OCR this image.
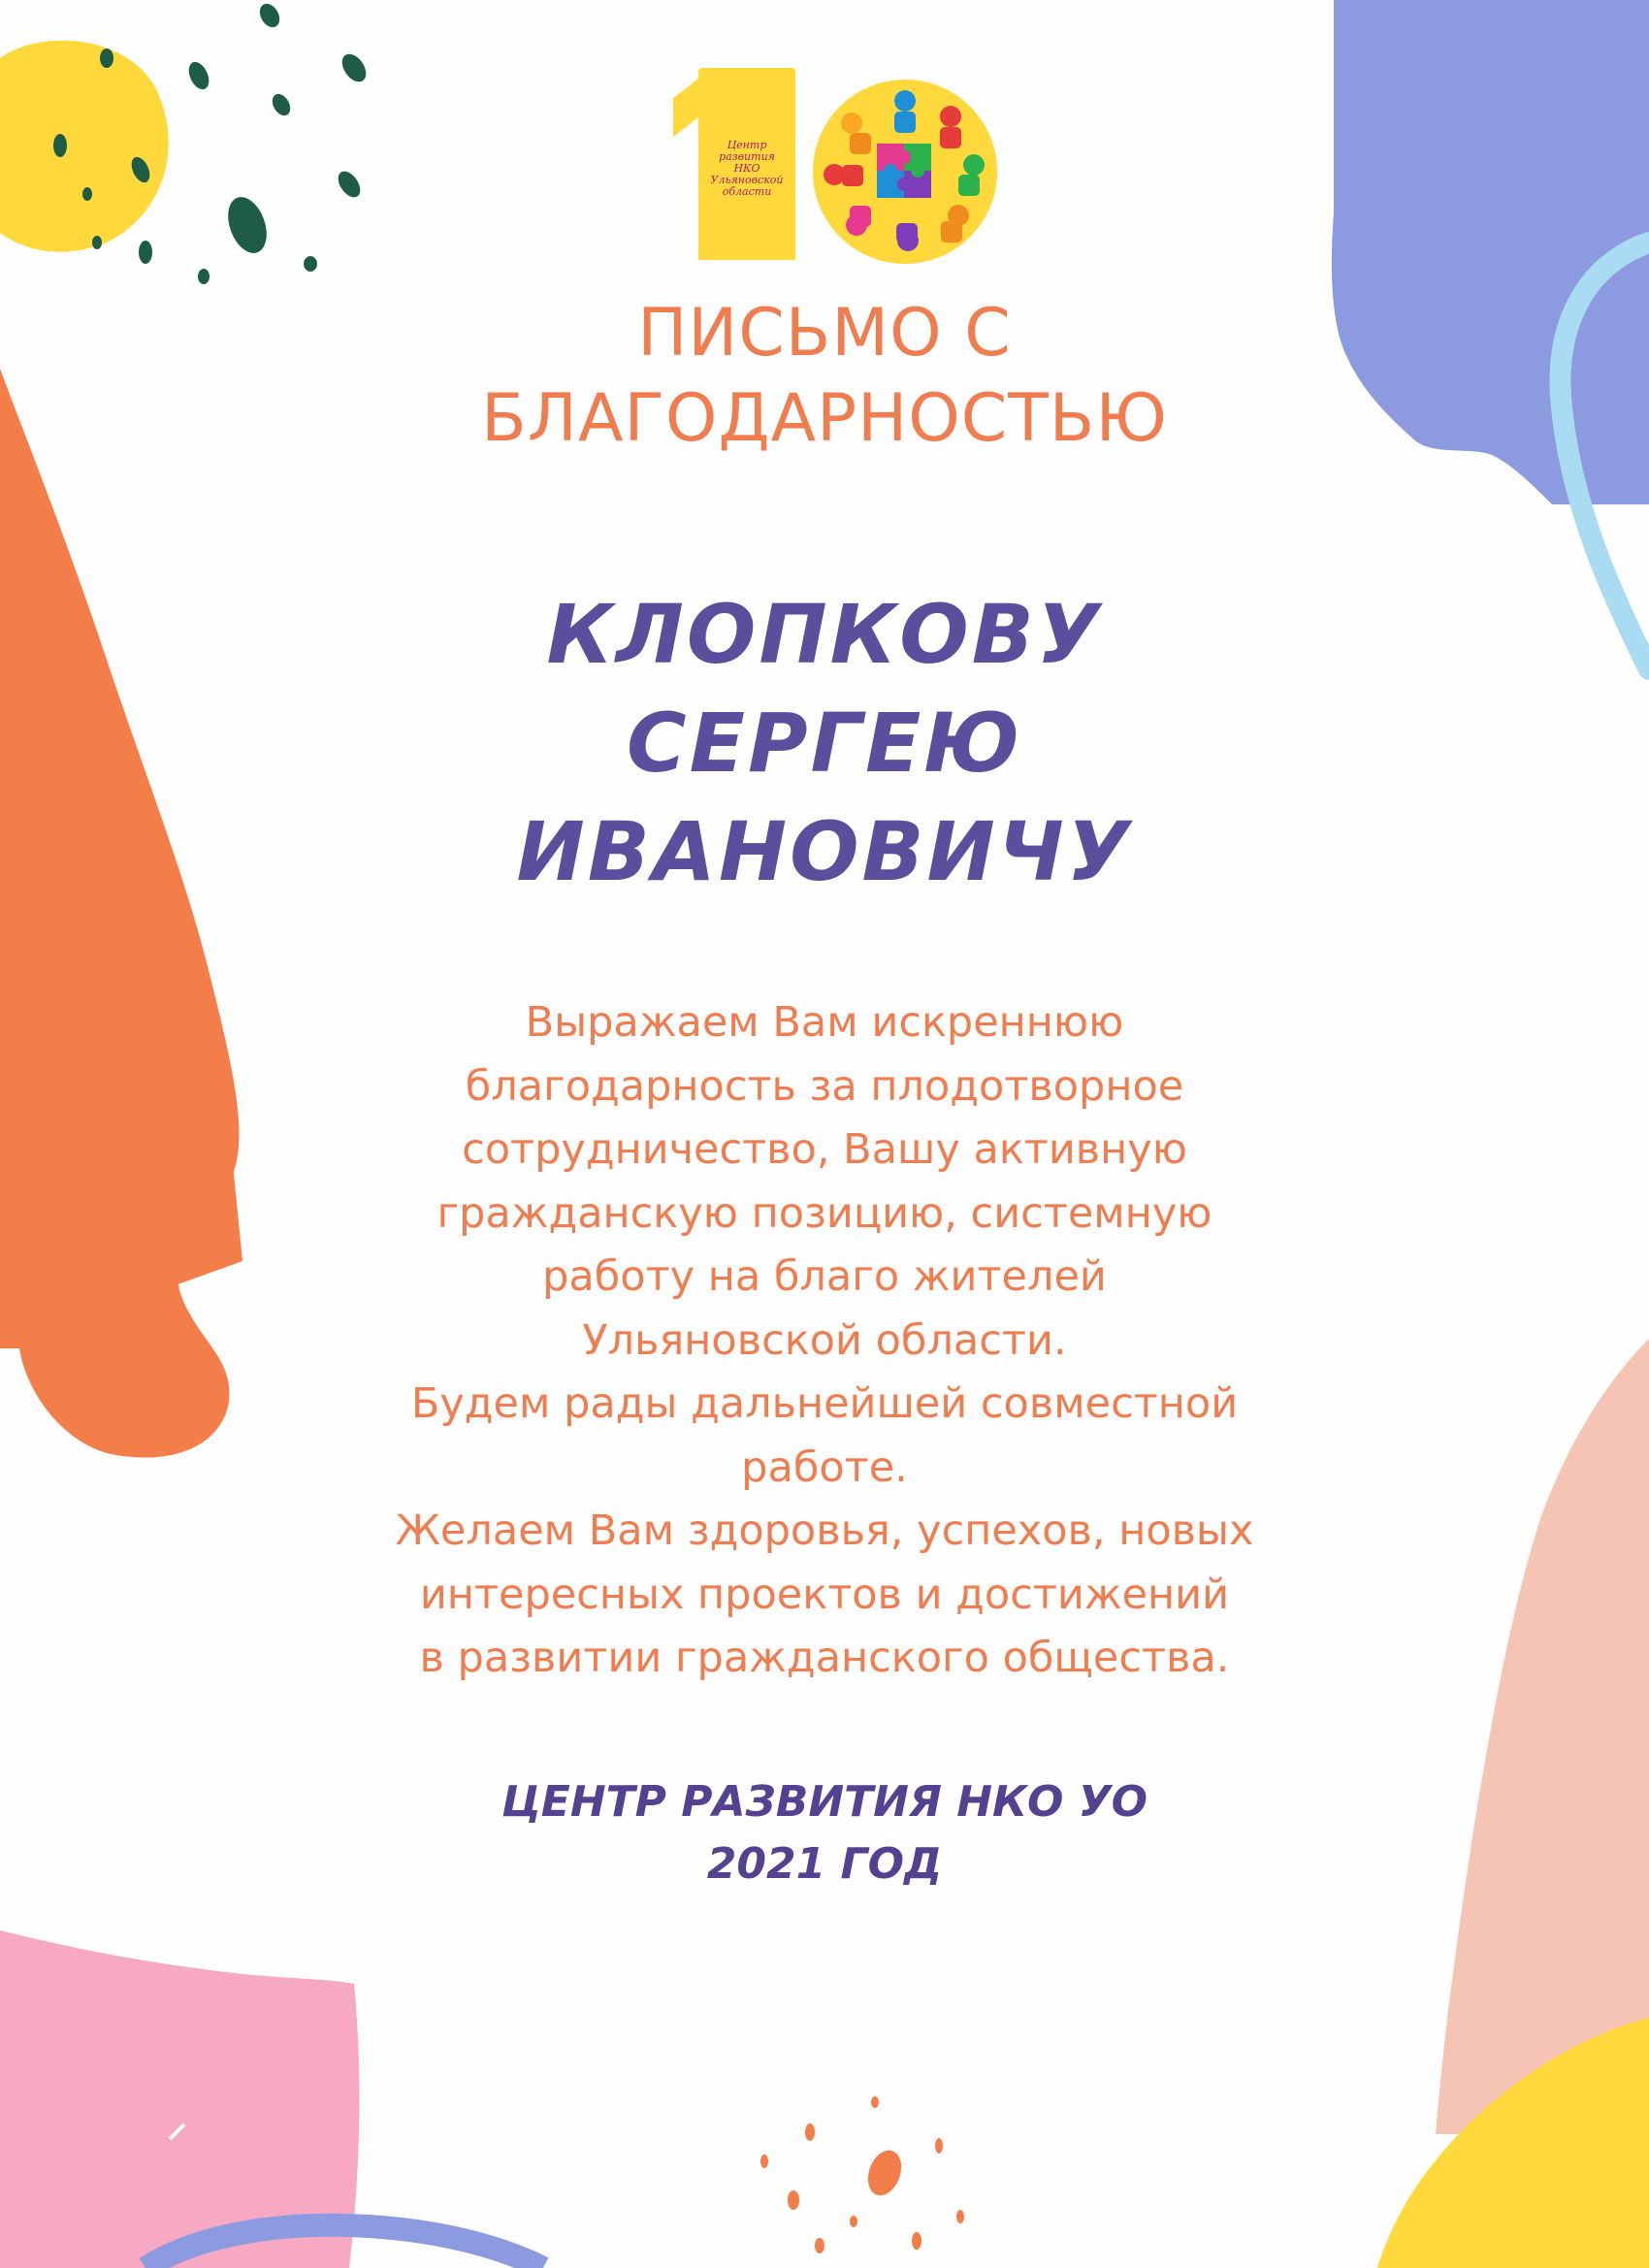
Центр
развития
НКО
Ульяновской
области
ПИСЬМО С
БЛАГОДАРНОСТЬЮ
КЛОПКОВУ
СЕРГЕЮ
ИВАНОВИЧУ

Выражаем Вам искреннюю

благодарность за плодотворное

сотрудничество, Вашу активную

гражданскую позицию, системную

работу на благо жителей

Ульяновской области.

Будем рады дальнейшей совместной

работе.

Желаем Вам здоровья, успехов, новых

интересных проектов и достижений

в развитии гражданского общества.

ЦЕНТР РАЗВИТИЯ НКО УО
2021 ГОД
